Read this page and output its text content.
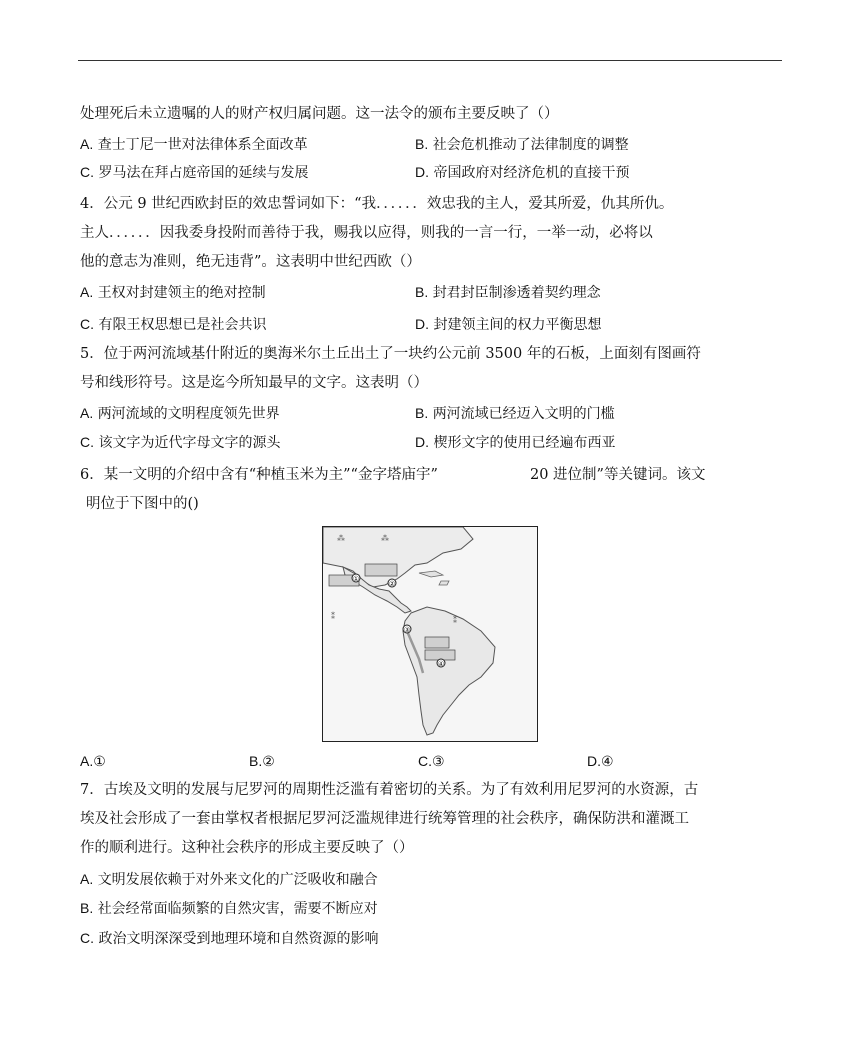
处理死后未立遗嘱的人的财产权归属问题。这一法令的颁布主要反映了（）
A. 查士丁尼一世对法律体系全面改革	B. 社会危机推动了法律制度的调整
C. 罗马法在拜占庭帝国的延续与发展	D. 帝国政府对经济危机的直接干预
4．公元 9 世纪西欧封臣的效忠誓词如下：“我．．．．．．效忠我的主人，爱其所爱，仇其所仇。
主人．．．．．．因我委身投附而善待于我，赐我以应得，则我的一言一行，一举一动，必将以
他的意志为准则，绝无违背”。这表明中世纪西欧（）
A. 王权对封建领主的绝对控制	B. 封君封臣制渗透着契约理念
C. 有限王权思想已是社会共识	D. 封建领主间的权力平衡思想
5．位于两河流域基什附近的奥海米尔土丘出土了一块约公元前 3500 年的石板，上面刻有图画符
号和线形符号。这是迄今所知最早的文字。这表明（）
A. 两河流域的文明程度领先世界	B. 两河流域已经迈入文明的门槛
C. 该文字为近代字母文字的源头	D. 楔形文字的使用已经遍布西亚
6．某一文明的介绍中含有“种植玉米为主”“金字塔庙宇”	20 进位制”等关键词。该文
明位于下图中的()
⁂	⁂
⁑	⁑
①
②
③
④
A.①	B.②	C.③	D.④
7．古埃及文明的发展与尼罗河的周期性泛滥有着密切的关系。为了有效利用尼罗河的水资源，古
埃及社会形成了一套由掌权者根据尼罗河泛滥规律进行统筹管理的社会秩序，确保防洪和灌溉工
作的顺利进行。这种社会秩序的形成主要反映了（）
A. 文明发展依赖于对外来文化的广泛吸收和融合
B. 社会经常面临频繁的自然灾害，需要不断应对
C. 政治文明深深受到地理环境和自然资源的影响
